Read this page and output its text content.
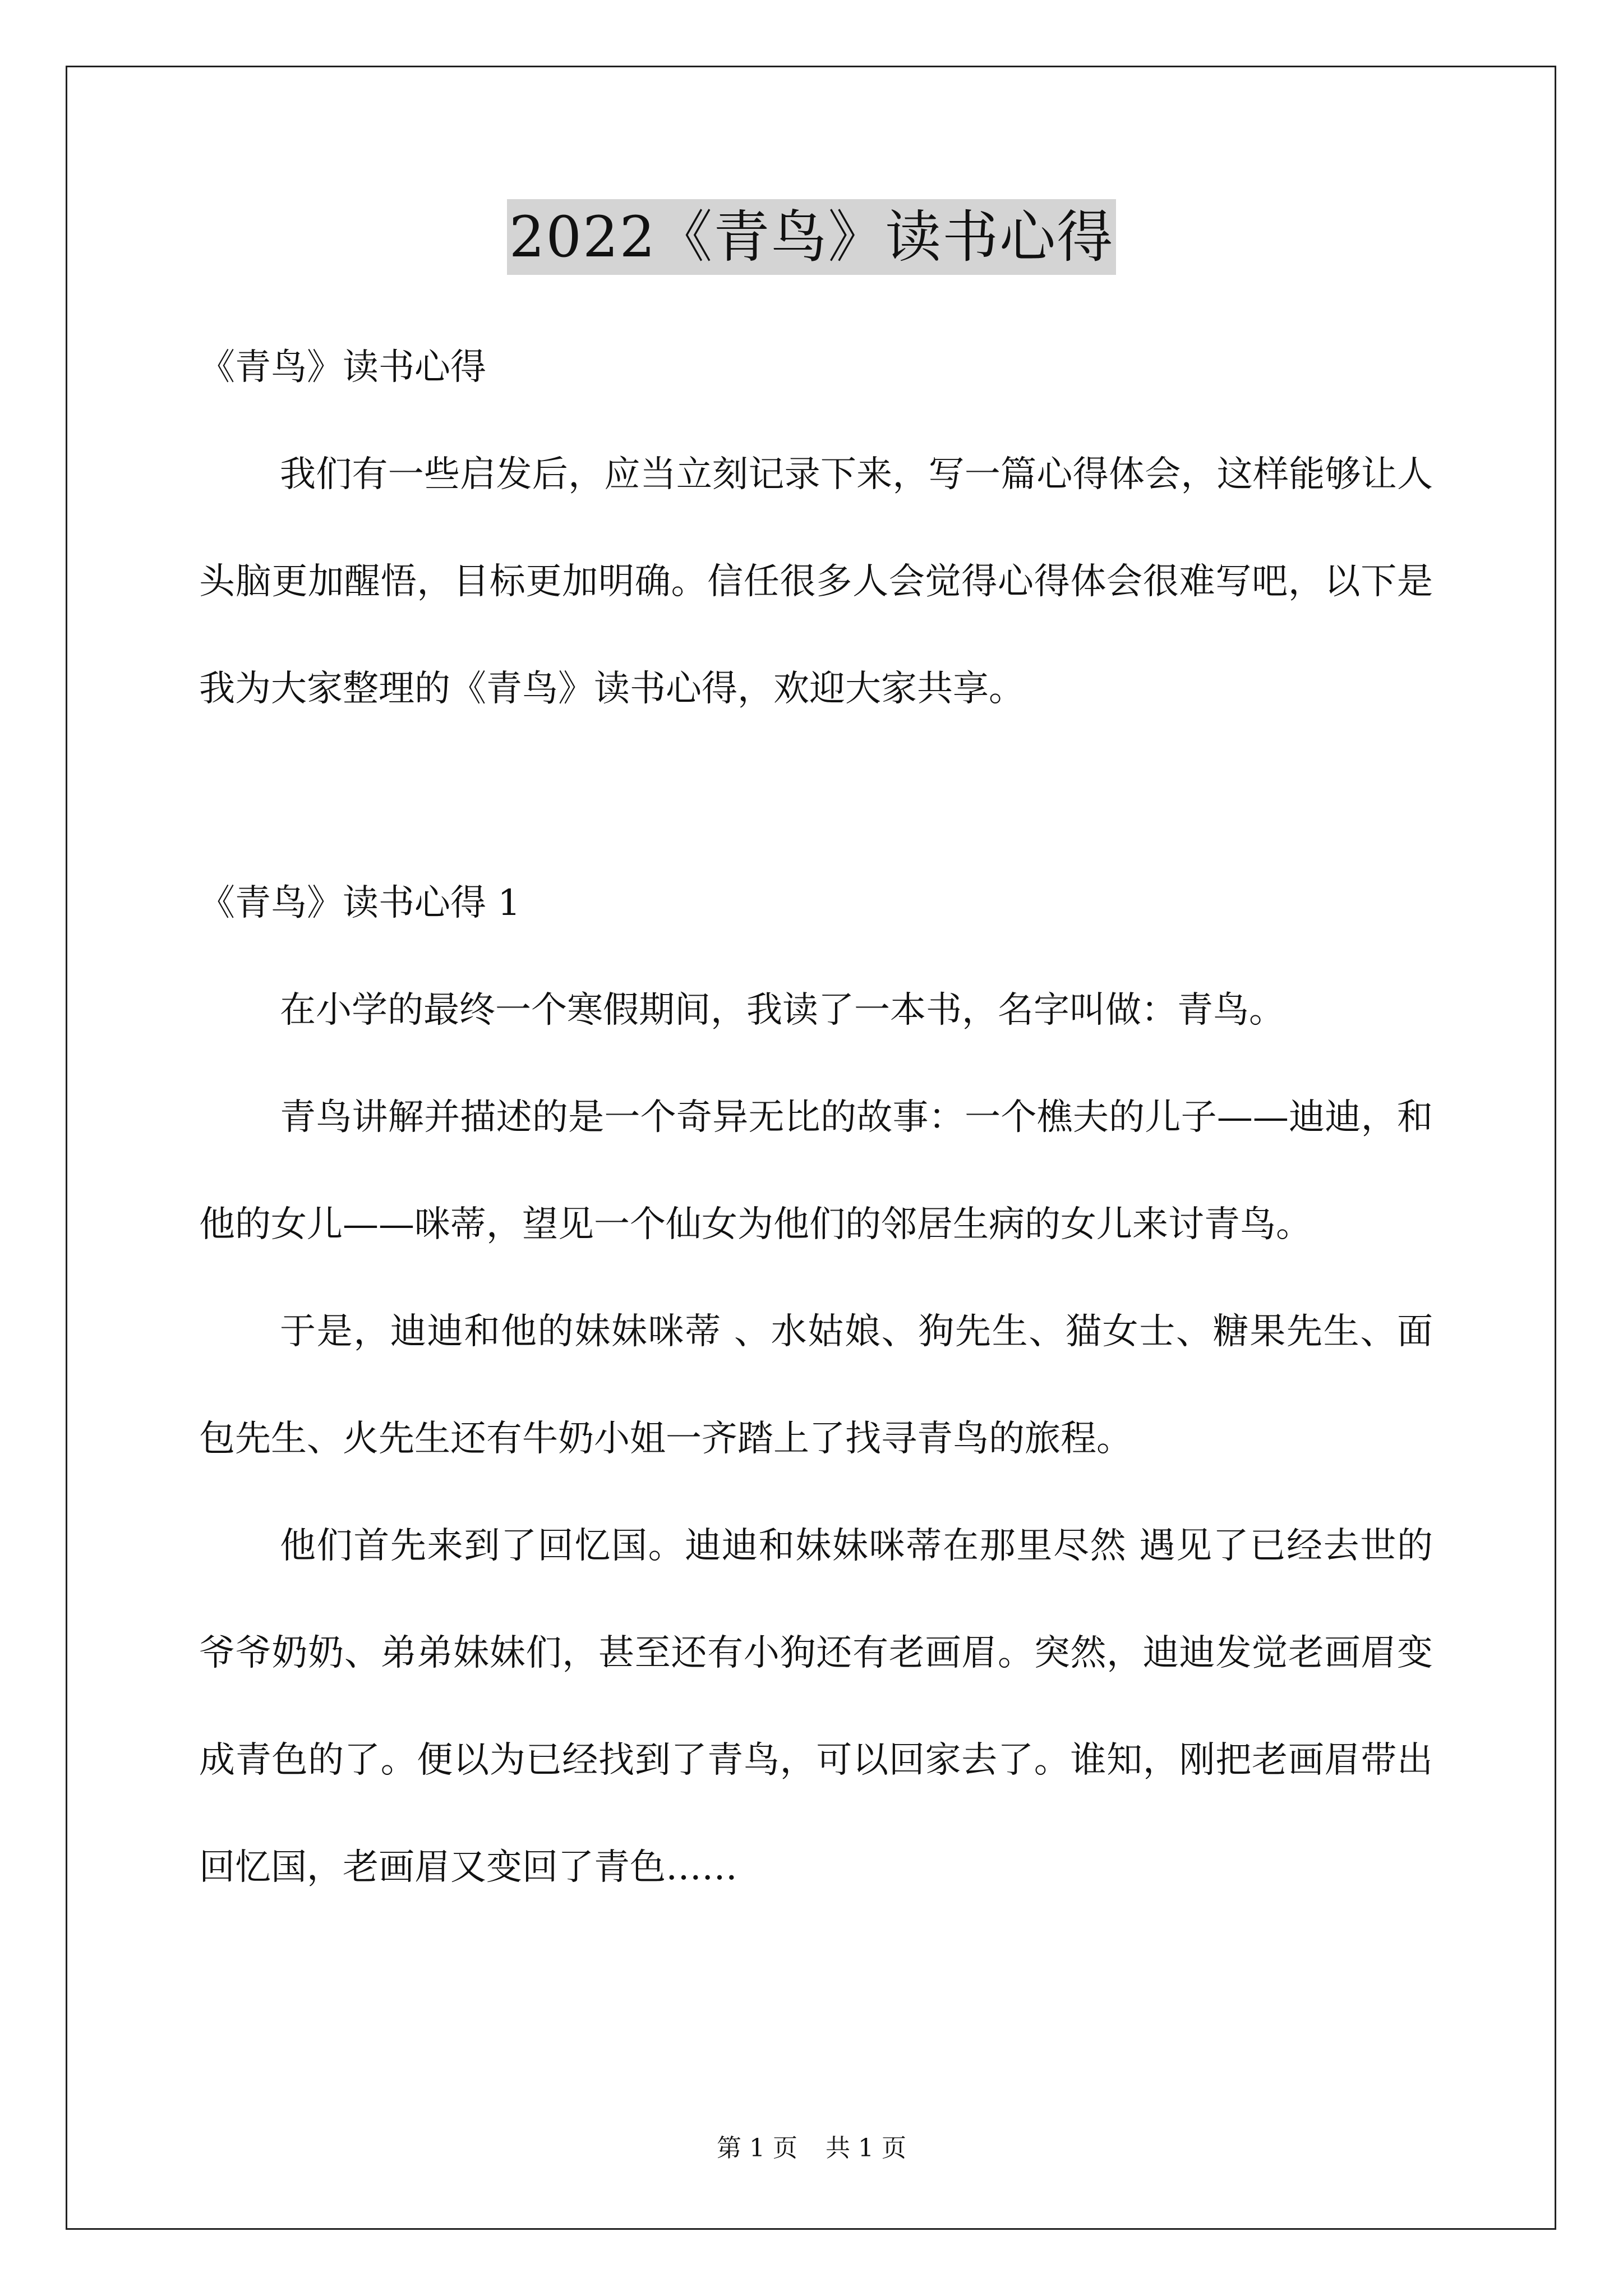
2022《青鸟》读书心得

《青鸟》读书心得

我们有一些启发后，应当立刻记录下来，写一篇心得体会，这样能够让人头脑更加醒悟，目标更加明确。信任很多人会觉得心得体会很难写吧，以下是我为大家整理的《青鸟》读书心得，欢迎大家共享。

《青鸟》读书心得 1

在小学的最终一个寒假期间，我读了一本书，名字叫做：青鸟。

青鸟讲解并描述的是一个奇异无比的故事：一个樵夫的儿子——迪迪，和他的女儿——咪蒂，望见一个仙女为他们的邻居生病的女儿来讨青鸟。

于是，迪迪和他的妹妹咪蒂 、水姑娘、狗先生、猫女士、糖果先生、面包先生、火先生还有牛奶小姐一齐踏上了找寻青鸟的旅程。

他们首先来到了回忆国。迪迪和妹妹咪蒂在那里尽然 遇见了已经去世的爷爷奶奶、弟弟妹妹们，甚至还有小狗还有老画眉。突然，迪迪发觉老画眉变成青色的了。便以为已经找到了青鸟，可以回家去了。谁知，刚把老画眉带出回忆国，老画眉又变回了青色……

第 1 页 共 1 页
